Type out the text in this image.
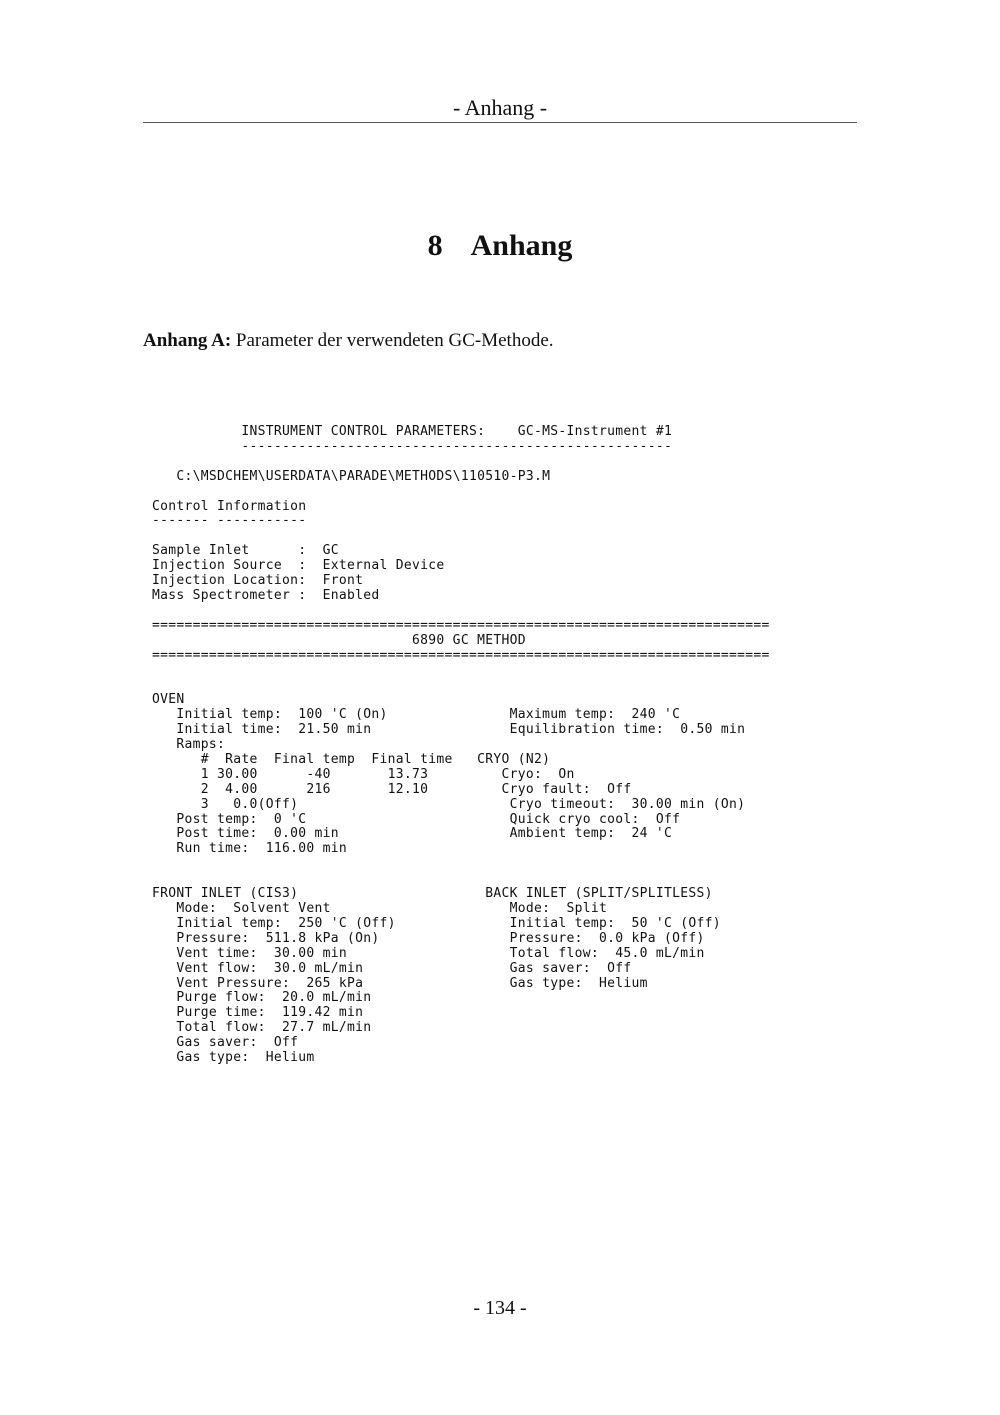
- Anhang -
8 Anhang
Anhang A: Parameter der verwendeten GC-Methode.
INSTRUMENT CONTROL PARAMETERS:    GC-MS-Instrument #1
-----------------------------------------------------

C:\MSDCHEM\USERDATA\PARADE\METHODS\110510-P3.M

Control Information
------- -----------

Sample Inlet      :  GC
Injection Source  :  External Device
Injection Location:  Front
Mass Spectrometer :  Enabled

============================================================================
6890 GC METHOD
============================================================================

OVEN
Initial temp:  100 'C (On)               Maximum temp:  240 'C
Initial time:  21.50 min                 Equilibration time:  0.50 min
Ramps:
#  Rate  Final temp  Final time   CRYO (N2)
1 30.00      -40       13.73         Cryo:  On
2  4.00      216       12.10         Cryo fault:  Off
3   0.0(Off)                          Cryo timeout:  30.00 min (On)
Post temp:  0 'C                         Quick cryo cool:  Off
Post time:  0.00 min                     Ambient temp:  24 'C
Run time:  116.00 min

FRONT INLET (CIS3)                       BACK INLET (SPLIT/SPLITLESS)
Mode:  Solvent Vent                      Mode:  Split
Initial temp:  250 'C (Off)              Initial temp:  50 'C (Off)
Pressure:  511.8 kPa (On)                Pressure:  0.0 kPa (Off)
Vent time:  30.00 min                    Total flow:  45.0 mL/min
Vent flow:  30.0 mL/min                  Gas saver:  Off
Vent Pressure:  265 kPa                  Gas type:  Helium
Purge flow:  20.0 mL/min
Purge time:  119.42 min
Total flow:  27.7 mL/min
Gas saver:  Off
Gas type:  Helium

- 134 -
